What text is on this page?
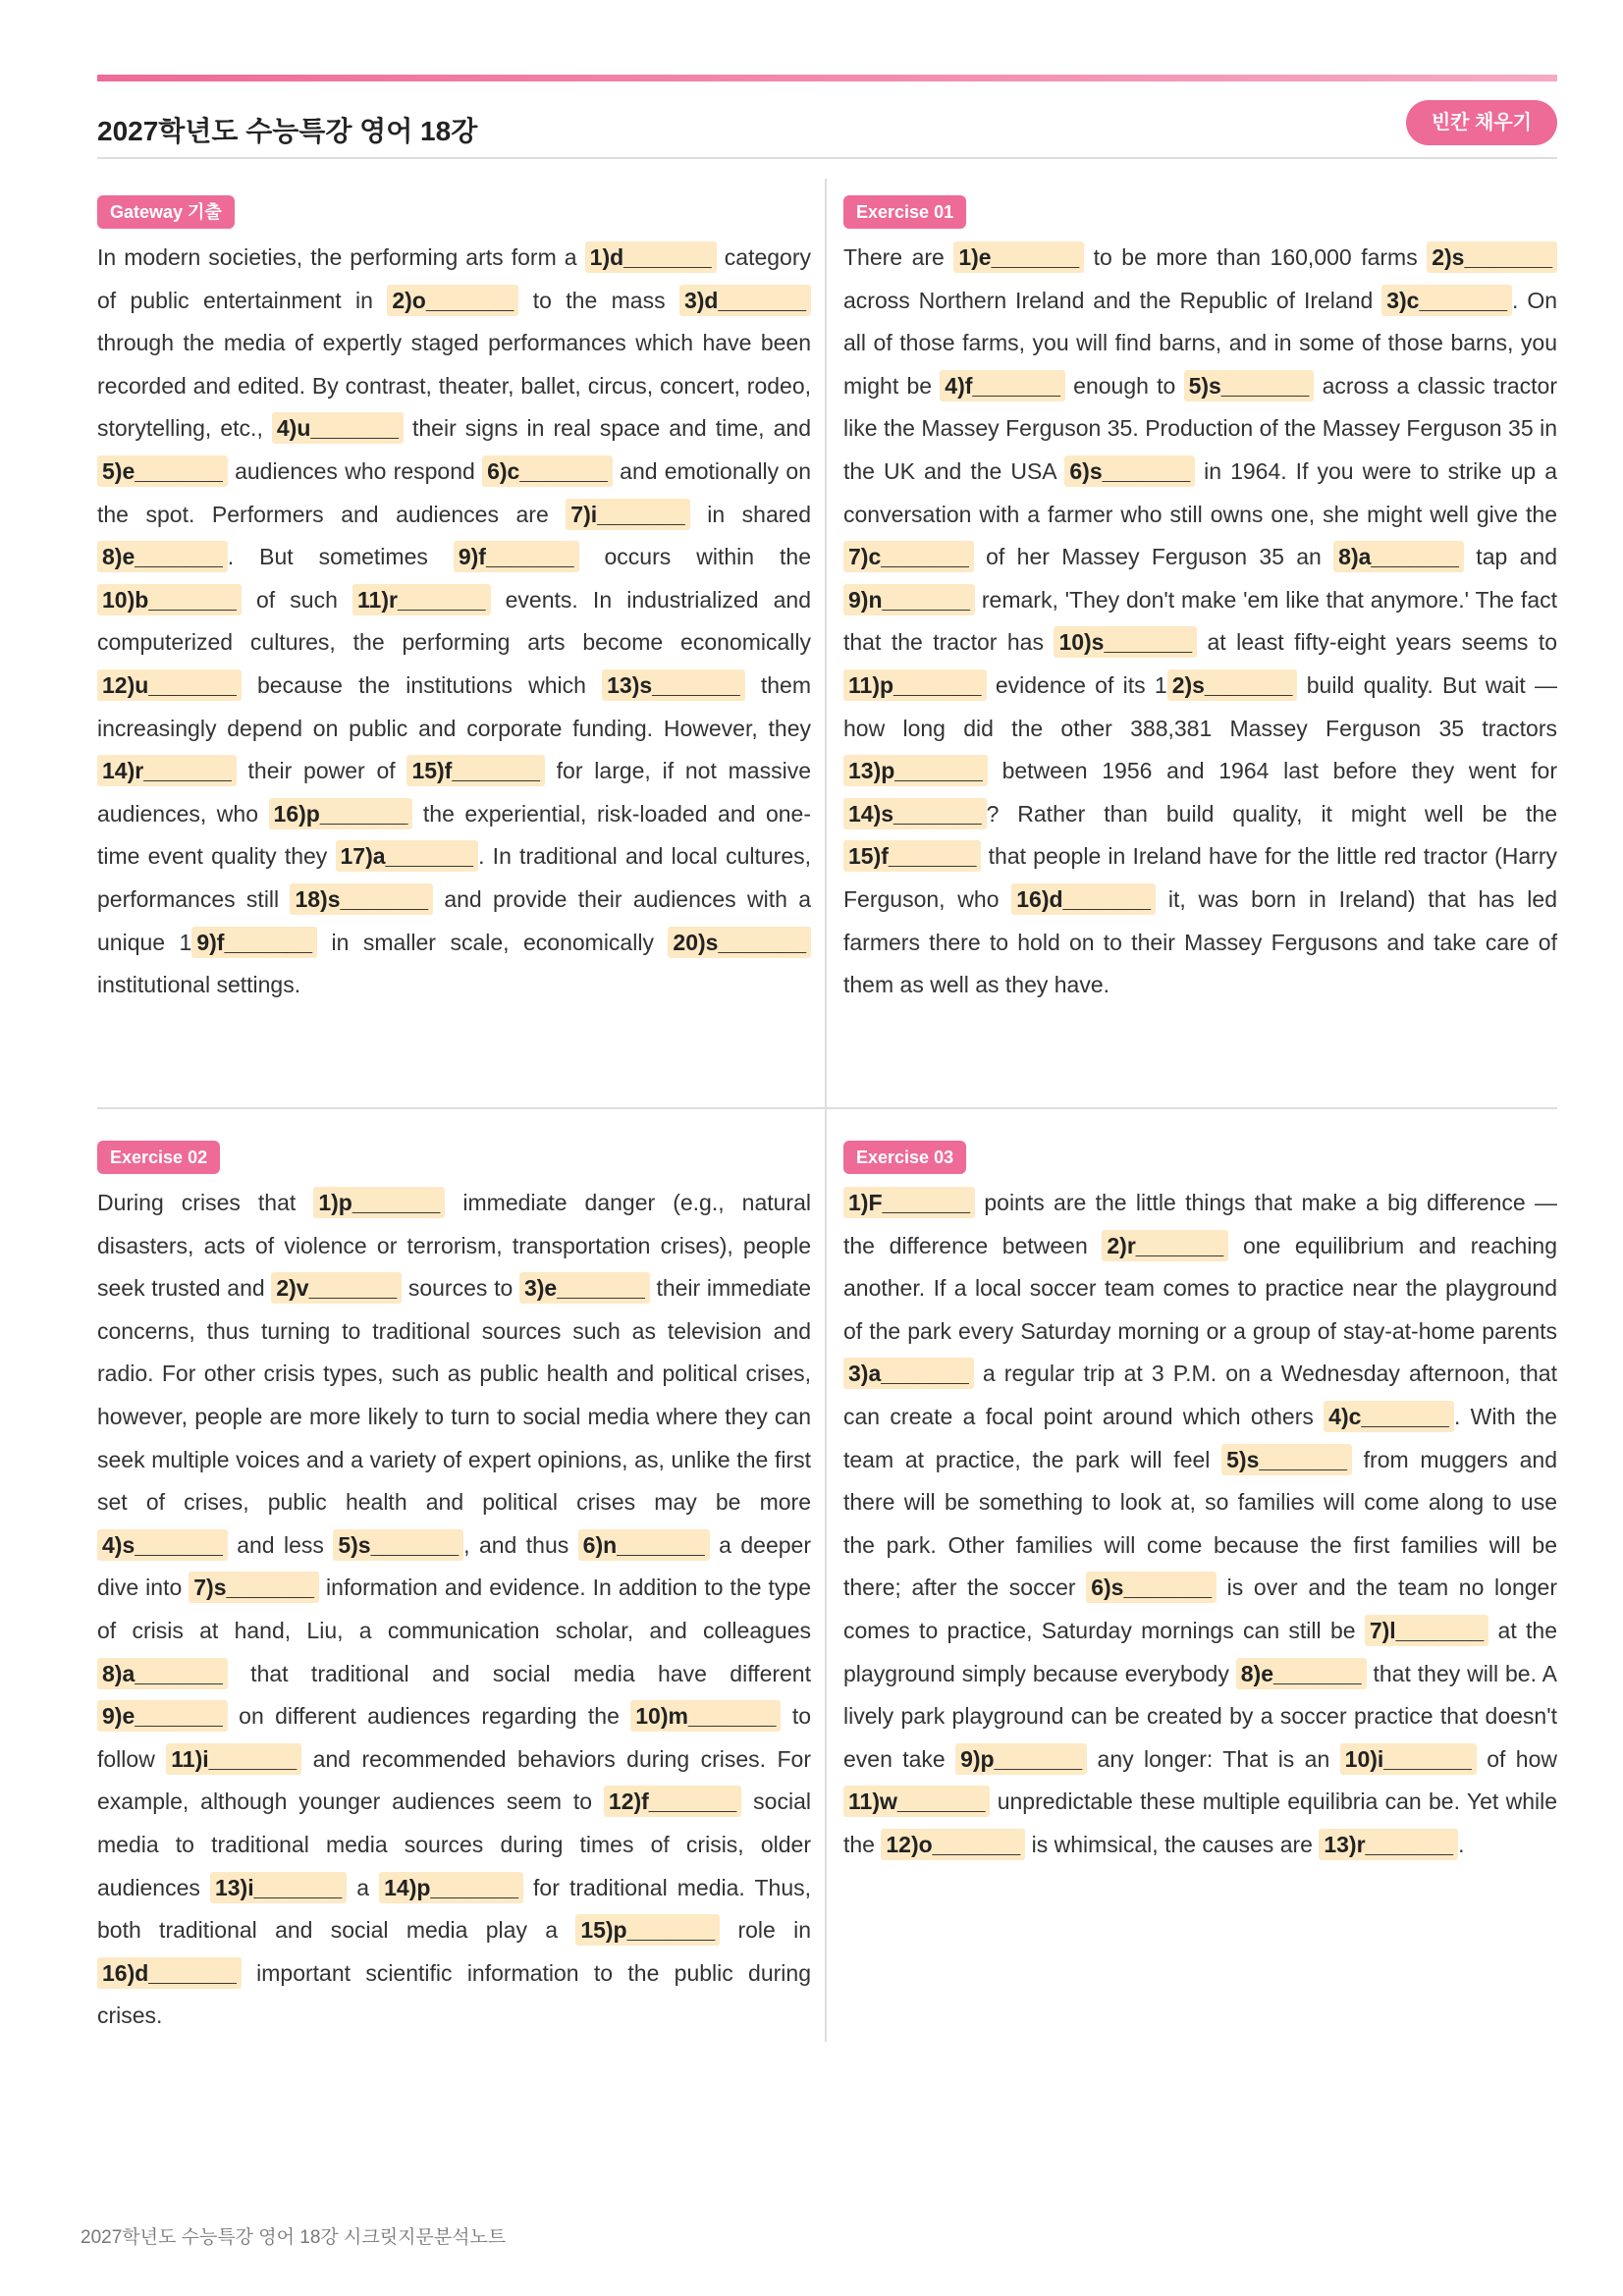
2027학년도 수능특강 영어 18강	빈칸 채우기
Gateway 기출

In modern societies, the performing arts form a 1)d_______ category of public entertainment in 2)o_______ to the mass 3)d_______ through the media of expertly staged performances which have been recorded and edited. By contrast, theater, ballet, circus, concert, rodeo, storytelling, etc., 4)u_______ their signs in real space and time, and 5)e_______ audiences who respond 6)c_______ and emotionally on the spot. Performers and audiences are 7)i_______ in shared 8)e_______ . But sometimes 9)f_______ occurs within the 10)b_______ of such 11)r_______ events. In industrialized and computerized cultures, the performing arts become economically 12)u_______ because the institutions which 13)s_______ them increasingly depend on public and corporate funding. However, they 14)r_______ their power of 15)f_______ for large, if not massive audiences, who 16)p_______ the experiential, risk-loaded and one-time event quality they 17)a_______ . In traditional and local cultures, performances still 18)s_______ and provide their audiences with a unique 1 9)f_______ in smaller scale, economically 20)s_______ institutional settings.

Exercise 01

There are 1)e_______ to be more than 160,000 farms 2)s_______ across Northern Ireland and the Republic of Ireland 3)c_______ . On all of those farms, you will find barns, and in some of those barns, you might be 4)f_______ enough to 5)s_______ across a classic tractor like the Massey Ferguson 35. Production of the Massey Ferguson 35 in the UK and the USA 6)s_______ in 1964. If you were to strike up a conversation with a farmer who still owns one, she might well give the 7)c_______ of her Massey Ferguson 35 an 8)a_______ tap and 9)n_______ remark, 'They don't make 'em like that anymore.' The fact that the tractor has 10)s_______ at least fifty-eight years seems to 11)p_______ evidence of its 1 2)s_______ build quality. But wait — how long did the other 388,381 Massey Ferguson 35 tractors 13)p_______ between 1956 and 1964 last before they went for 14)s_______ ? Rather than build quality, it might well be the 15)f_______ that people in Ireland have for the little red tractor (Harry Ferguson, who 16)d_______ it, was born in Ireland) that has led farmers there to hold on to their Massey Fergusons and take care of them as well as they have.

Exercise 02

During crises that 1)p_______ immediate danger (e.g., natural disasters, acts of violence or terrorism, transportation crises), people seek trusted and 2)v_______ sources to 3)e_______ their immediate concerns, thus turning to traditional sources such as television and radio. For other crisis types, such as public health and political crises, however, people are more likely to turn to social media where they can seek multiple voices and a variety of expert opinions, as, unlike the first set of crises, public health and political crises may be more 4)s_______ and less 5)s_______ , and thus 6)n_______ a deeper dive into 7)s_______ information and evidence. In addition to the type of crisis at hand, Liu, a communication scholar, and colleagues 8)a_______ that traditional and social media have different 9)e_______ on different audiences regarding the 10)m_______ to follow 11)i_______ and recommended behaviors during crises. For example, although younger audiences seem to 12)f_______ social media to traditional media sources during times of crisis, older audiences 13)i_______ a 14)p_______ for traditional media. Thus, both traditional and social media play a 15)p_______ role in 16)d_______ important scientific information to the public during crises.

Exercise 03

1)F_______ points are the little things that make a big difference — the difference between 2)r_______ one equilibrium and reaching another. If a local soccer team comes to practice near the playground of the park every Saturday morning or a group of stay-at-home parents 3)a_______ a regular trip at 3 P.M. on a Wednesday afternoon, that can create a focal point around which others 4)c_______ . With the team at practice, the park will feel 5)s_______ from muggers and there will be something to look at, so families will come along to use the park. Other families will come because the first families will be there; after the soccer 6)s_______ is over and the team no longer comes to practice, Saturday mornings can still be 7)l_______ at the playground simply because everybody 8)e_______ that they will be. A lively park playground can be created by a soccer practice that doesn't even take 9)p_______ any longer: That is an 10)i_______ of how 11)w_______ unpredictable these multiple equilibria can be. Yet while the 12)o_______ is whimsical, the causes are 13)r_______ .

2027학년도 수능특강 영어 18강 시크릿지문분석노트
